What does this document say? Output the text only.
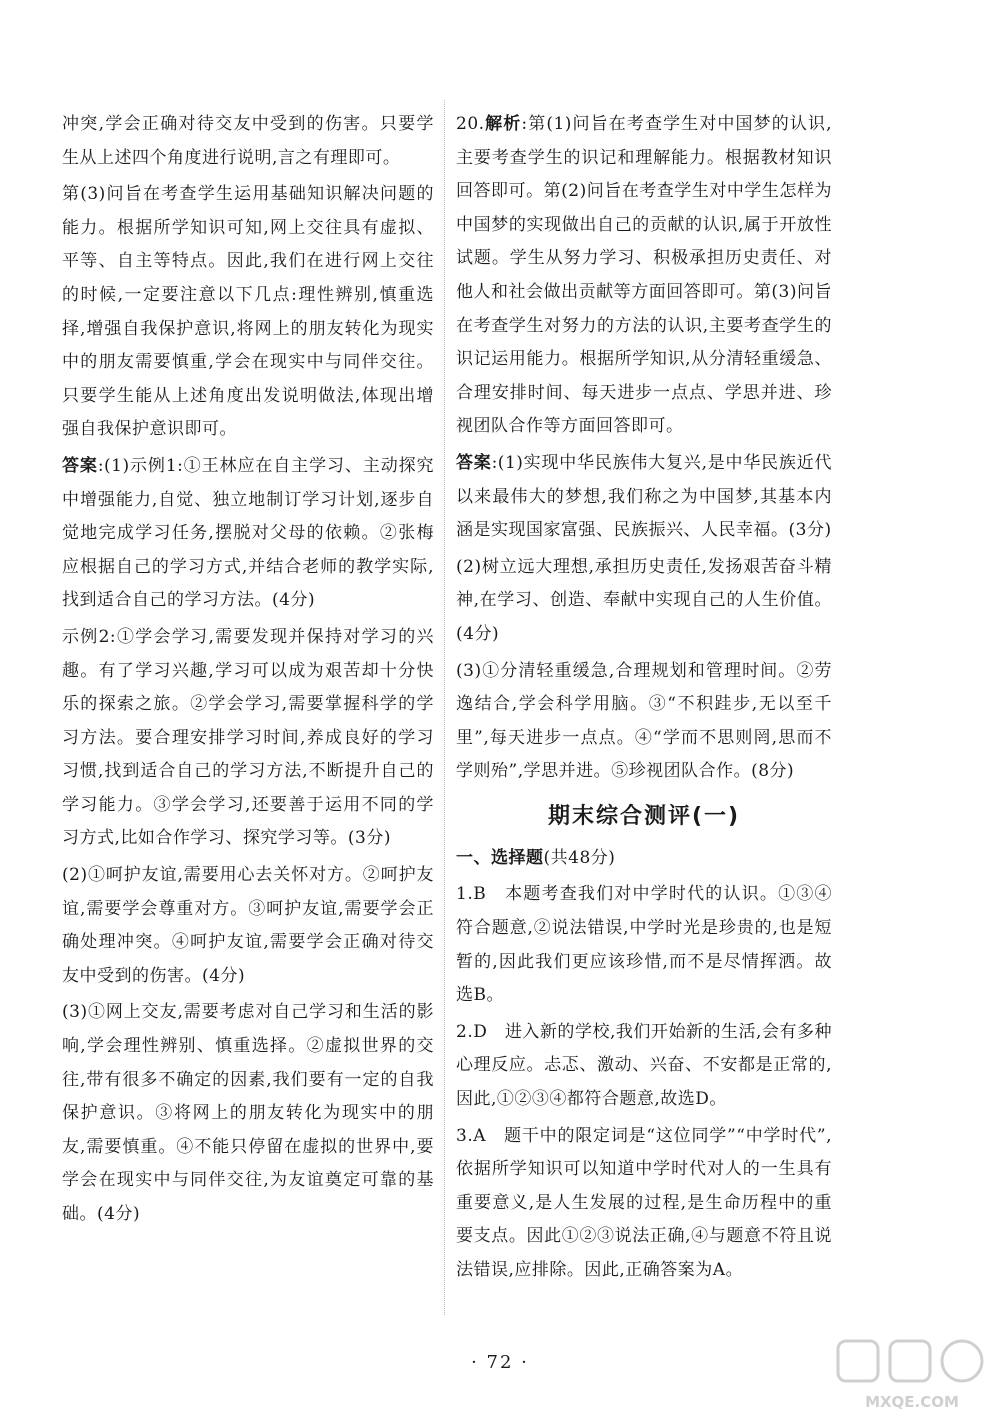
冲突,学会正确对待交友中受到的伤害。只要学生从上述四个角度进行说明,言之有理即可。

第(3)问旨在考查学生运用基础知识解决问题的能力。根据所学知识可知,网上交往具有虚拟、平等、自主等特点。因此,我们在进行网上交往的时候,一定要注意以下几点:理性辨别,慎重选择,增强自我保护意识,将网上的朋友转化为现实中的朋友需要慎重,学会在现实中与同伴交往。只要学生能从上述角度出发说明做法,体现出增强自我保护意识即可。

答案:(1)示例1:①王林应在自主学习、主动探究中增强能力,自觉、独立地制订学习计划,逐步自觉地完成学习任务,摆脱对父母的依赖。②张梅应根据自己的学习方式,并结合老师的教学实际,找到适合自己的学习方法。(4分)

示例2:①学会学习,需要发现并保持对学习的兴趣。有了学习兴趣,学习可以成为艰苦却十分快乐的探索之旅。②学会学习,需要掌握科学的学习方法。要合理安排学习时间,养成良好的学习习惯,找到适合自己的学习方法,不断提升自己的学习能力。③学会学习,还要善于运用不同的学习方式,比如合作学习、探究学习等。(3分)

(2)①呵护友谊,需要用心去关怀对方。②呵护友谊,需要学会尊重对方。③呵护友谊,需要学会正确处理冲突。④呵护友谊,需要学会正确对待交友中受到的伤害。(4分)

(3)①网上交友,需要考虑对自己学习和生活的影响,学会理性辨别、慎重选择。②虚拟世界的交往,带有很多不确定的因素,我们要有一定的自我保护意识。③将网上的朋友转化为现实中的朋友,需要慎重。④不能只停留在虚拟的世界中,要学会在现实中与同伴交往,为友谊奠定可靠的基础。(4分)

20.解析:第(1)问旨在考查学生对中国梦的认识,主要考查学生的识记和理解能力。根据教材知识回答即可。第(2)问旨在考查学生对中学生怎样为中国梦的实现做出自己的贡献的认识,属于开放性试题。学生从努力学习、积极承担历史责任、对他人和社会做出贡献等方面回答即可。第(3)问旨在考查学生对努力的方法的认识,主要考查学生的识记运用能力。根据所学知识,从分清轻重缓急、合理安排时间、每天进步一点点、学思并进、珍视团队合作等方面回答即可。

答案:(1)实现中华民族伟大复兴,是中华民族近代以来最伟大的梦想,我们称之为中国梦,其基本内涵是实现国家富强、民族振兴、人民幸福。(3分)

(2)树立远大理想,承担历史责任,发扬艰苦奋斗精神,在学习、创造、奉献中实现自己的人生价值。(4分)

(3)①分清轻重缓急,合理规划和管理时间。②劳逸结合,学会科学用脑。③“不积跬步,无以至千里”,每天进步一点点。④“学而不思则罔,思而不学则殆”,学思并进。⑤珍视团队合作。(8分)

期末综合测评(一)

一、选择题(共48分)

1.B　本题考查我们对中学时代的认识。①③④符合题意,②说法错误,中学时光是珍贵的,也是短暂的,因此我们更应该珍惜,而不是尽情挥洒。故选B。

2.D　进入新的学校,我们开始新的生活,会有多种心理反应。忐忑、激动、兴奋、不安都是正常的,因此,①②③④都符合题意,故选D。

3.A　题干中的限定词是“这位同学”“中学时代”,依据所学知识可以知道中学时代对人的一生具有重要意义,是人生发展的过程,是生命历程中的重要支点。因此①②③说法正确,④与题意不符且说法错误,应排除。因此,正确答案为A。

· 72 ·
MXQE.COM
